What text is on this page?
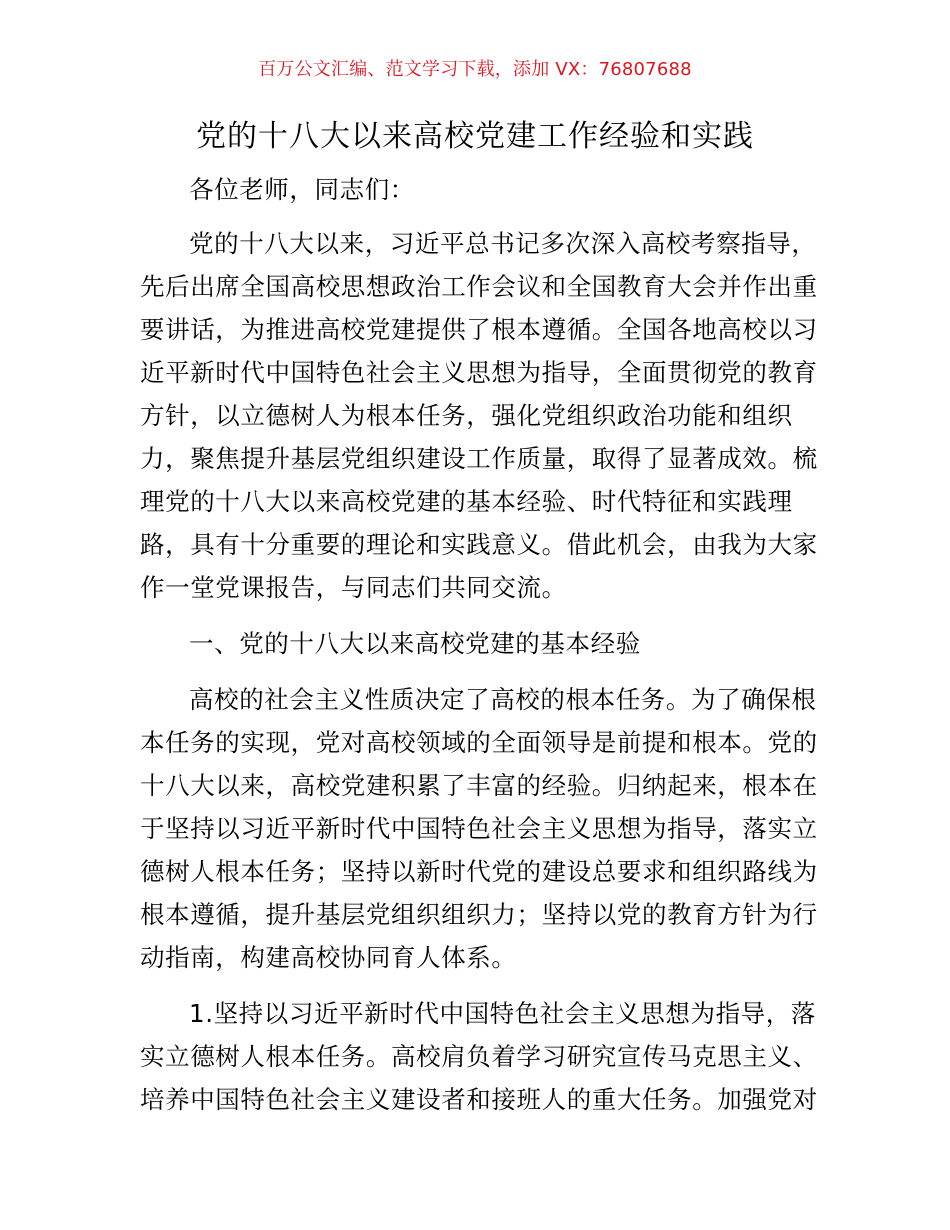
百万公文汇编、范文学习下载，添加 VX：76807688
党的十八大以来高校党建工作经验和实践
各位老师，同志们：
党的十八大以来，习近平总书记多次深入高校考察指导，
先后出席全国高校思想政治工作会议和全国教育大会并作出重
要讲话，为推进高校党建提供了根本遵循。全国各地高校以习
近平新时代中国特色社会主义思想为指导，全面贯彻党的教育
方针，以立德树人为根本任务，强化党组织政治功能和组织
力，聚焦提升基层党组织建设工作质量，取得了显著成效。梳
理党的十八大以来高校党建的基本经验、时代特征和实践理
路，具有十分重要的理论和实践意义。借此机会，由我为大家
作一堂党课报告，与同志们共同交流。
一、党的十八大以来高校党建的基本经验
高校的社会主义性质决定了高校的根本任务。为了确保根
本任务的实现，党对高校领域的全面领导是前提和根本。党的
十八大以来，高校党建积累了丰富的经验。归纳起来，根本在
于坚持以习近平新时代中国特色社会主义思想为指导，落实立
德树人根本任务；坚持以新时代党的建设总要求和组织路线为
根本遵循，提升基层党组织组织力；坚持以党的教育方针为行
动指南，构建高校协同育人体系。
1.坚持以习近平新时代中国特色社会主义思想为指导，落
实立德树人根本任务。高校肩负着学习研究宣传马克思主义、
培养中国特色社会主义建设者和接班人的重大任务。加强党对
